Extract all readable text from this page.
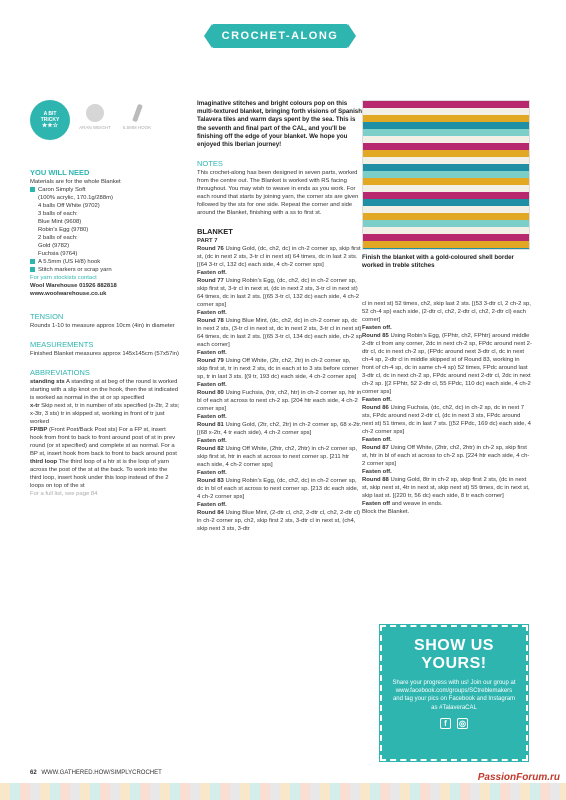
CROCHET-ALONG
A BIT
TRICKY
★★☆	ARAN WEIGHT	5.5MM HOOK
YOU WILL NEED
Materials are for the whole Blanket
Caron Simply Soft
(100% acrylic, 170.1g/288m)
4 balls Off White (9702)
3 balls of each:
Blue Mint (9608)
Robin's Egg (9780)
2 balls of each:
Gold (9782)
Fuchsia (9764)
A 5.5mm (US H/8) hook
Stitch markers or scrap yarn
For yarn stockists contact
Wool Warehouse 01926 882818
www.woolwarehouse.co.uk
TENSION
Rounds 1-10 to measure approx 10cm (4in) in diameter
MEASUREMENTS
Finished Blanket measures approx 145x145cm (57x57in)
ABBREVIATIONS
standing sts A standing st at beg of the round is worked starting with a slip knot on the hook, then the st indicated is worked as normal in the st or sp specified
x-tr Skip next st, tr in number of sts specified (x-2tr, 2 sts; x-3tr, 3 sts) tr in skipped st, working in front of tr just worked
FP/BP (Front Post/Back Post sts) For a FP st, insert hook from front to back to front around post of st in prev round (or st specified) and complete st as normal. For a BP st, insert hook from back to front to back around post
third loop The third loop of a htr st is the loop of yarn across the post of the st at the back. To work into the third loop, insert hook under this loop instead of the 2 loops on top of the st
For a full list, see page 84
Imaginative stitches and bright colours pop on this multi-textured blanket, bringing forth visions of Spanish Talavera tiles and warm days spent by the sea. This is the seventh and final part of the CAL, and you'll be finishing off the edge of your blanket. We hope you enjoyed this Iberian journey!
NOTES
This crochet-along has been designed in seven parts, worked from the centre out. The Blanket is worked with RS facing throughout. You may wish to weave in ends as you work. For each round that starts by joining yarn, the corner sts are given followed by the sts for one side. Repeat the corner and side around the Blanket, finishing with a ss to first st.
BLANKET
PART 7
Round 76 Using Gold, (dc, ch2, dc) in ch-2 corner sp, skip first st, (dc in next 2 sts, 3-tr cl in next st) 64 times, dc in last 2 sts. [(64 3-tr cl, 132 dc) each side, 4 ch-2 corner sps]
Fasten off.
Round 77 Using Robin's Egg, (dc, ch2, dc) in ch-2 corner sp, skip first st, 3-tr cl in next st, (dc in next 2 sts, 3-tr cl in next st) 64 times, dc in last 2 sts. [(65 3-tr cl, 132 dc) each side, 4 ch-2 corner sps]
Fasten off.
Round 78 Using Blue Mint, (dc, ch2, dc) in ch-2 corner sp, dc in next 2 sts, (3-tr cl in next st, dc in next 2 sts, 3-tr cl in next st) 64 times, dc in last 2 sts. [(65 3-tr cl, 134 dc) each side, ch-2 sp each corner]
Fasten off.
Round 79 Using Off White, (2tr, ch2, 2tr) in ch-2 corner sp, skip first st, tr in next 2 sts, dc in each st to 3 sts before corner sp, tr in last 3 sts. [(9 tr, 193 dc) each side, 4 ch-2 corner sps]
Fasten off.
Round 80 Using Fuchsia, (htr, ch2, htr) in ch-2 corner sp, htr in bl of each st across to next ch-2 sp. [204 htr each side, 4 ch-2 corner sps]
Fasten off.
Round 81 Using Gold, (2tr, ch2, 2tr) in ch-2 corner sp, 68 x-2tr. [(68 x-2tr, 4 tr each side), 4 ch-2 corner sps]
Fasten off.
Round 82 Using Off White, (2htr, ch2, 2htr) in ch-2 corner sp, skip first st, htr in each st across to next corner sp. [211 htr each side, 4 ch-2 corner sps]
Fasten off.
Round 83 Using Robin's Egg, (dc, ch2, dc) in ch-2 corner sp, dc in bl of each st across to next corner sp. [213 dc each side, 4 ch-2 corner sps]
Fasten off.
Round 84 Using Blue Mint, (2-dtr cl, ch2, 2-dtr cl, ch2, 2-dtr cl) in ch-2 corner sp, ch2, skip first 2 sts, 3-dtr cl in next st, (ch4, skip next 3 sts, 3-dtr
Finish the blanket with a gold-coloured shell border worked in treble stitches
cl in next st) 52 times, ch2, skip last 2 sts. [(53 3-dtr cl, 2 ch-2 sp, 52 ch-4 sp) each side, (2-dtr cl, ch2, 2-dtr cl, ch2, 2-dtr cl) each corner]
Fasten off.
Round 85 Using Robin's Egg, (FPhtr, ch2, FPhtr) around middle 2-dtr cl from any corner, 2dc in next ch-2 sp, FPdc around next 2-dtr cl, dc in next ch-2 sp, (FPdc around next 3-dtr cl, dc in next ch-4 sp, 2-dtr cl in middle skipped st of Round 83, working in front of ch-4 sp, dc in same ch-4 sp) 52 times, FPdc around last 3-dtr cl, dc in next ch-2 sp, FPdc around next 2-dtr cl, 2dc in next ch-2 sp. [(2 FPhtr, 52 2-dtr cl, 55 FPdc, 110 dc) each side, 4 ch-2 corner sps]
Fasten off.
Round 86 Using Fuchsia, (dc, ch2, dc) in ch-2 sp, dc in next 7 sts, FPdc around next 2-dtr cl, (dc in next 3 sts, FPdc around next st) 51 times, dc in last 7 sts. [(52 FPdc, 169 dc) each side, 4 ch-2 corner sps]
Fasten off.
Round 87 Using Off White, (2htr, ch2, 2htr) in ch-2 sp, skip first st, htr in bl of each st across to ch-2 sp. [224 htr each side, 4 ch-2 corner sps]
Fasten off.
Round 88 Using Gold, 8tr in ch-2 sp, skip first 2 sts, (dc in next st, skip next st, 4tr in next st, skip next st) 55 times, dc in next st, skip last st. [(220 tr, 56 dc) each side, 8 tr each corner]
Fasten off and weave in ends.
Block the Blanket.
SHOW US YOURS!
Share your progress with us! Join our group at www.facebook.com/groups/SCtreblemakers and tag your pics on Facebook and Instagram as #TalaveraCAL
f	◎
62 WWW.GATHERED.HOW/SIMPLYCROCHET	PassionForum.ru
